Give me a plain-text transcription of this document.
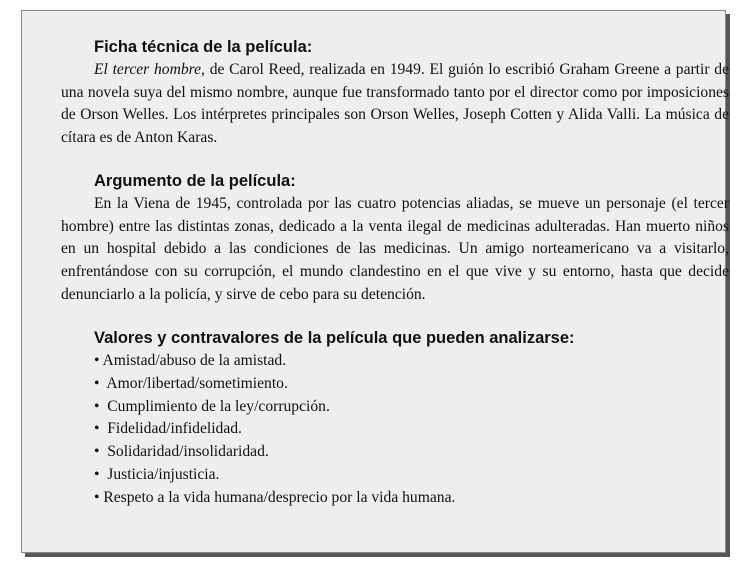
Ficha técnica de la película:

El tercer hombre, de Carol Reed, realizada en 1949. El guión lo escribió Graham Greene a partir de una novela suya del mismo nombre, aunque fue transformado tanto por el director como por imposiciones de Orson Welles. Los intérpretes principales son Orson Welles, Joseph Cotten y Alida Valli. La música de cítara es de Anton Karas.

Argumento de la película:

En la Viena de 1945, controlada por las cuatro potencias aliadas, se mueve un personaje (el tercer hombre) entre las distintas zonas, dedicado a la venta ilegal de medicinas adulteradas. Han muerto niños en un hospital debido a las condiciones de las medicinas. Un amigo norteamericano va a visitarlo, enfrentándose con su corrupción, el mundo clandestino en el que vive y su entorno, hasta que decide denunciarlo a la policía, y sirve de cebo para su detención.

Valores y contravalores de la película que pueden analizarse:
• Amistad/abuso de la amistad.
•  Amor/libertad/sometimiento.
•  Cumplimiento de la ley/corrupción.
•  Fidelidad/infidelidad.
•  Solidaridad/insolidaridad.
•  Justicia/injusticia.
• Respeto a la vida humana/desprecio por la vida humana.
